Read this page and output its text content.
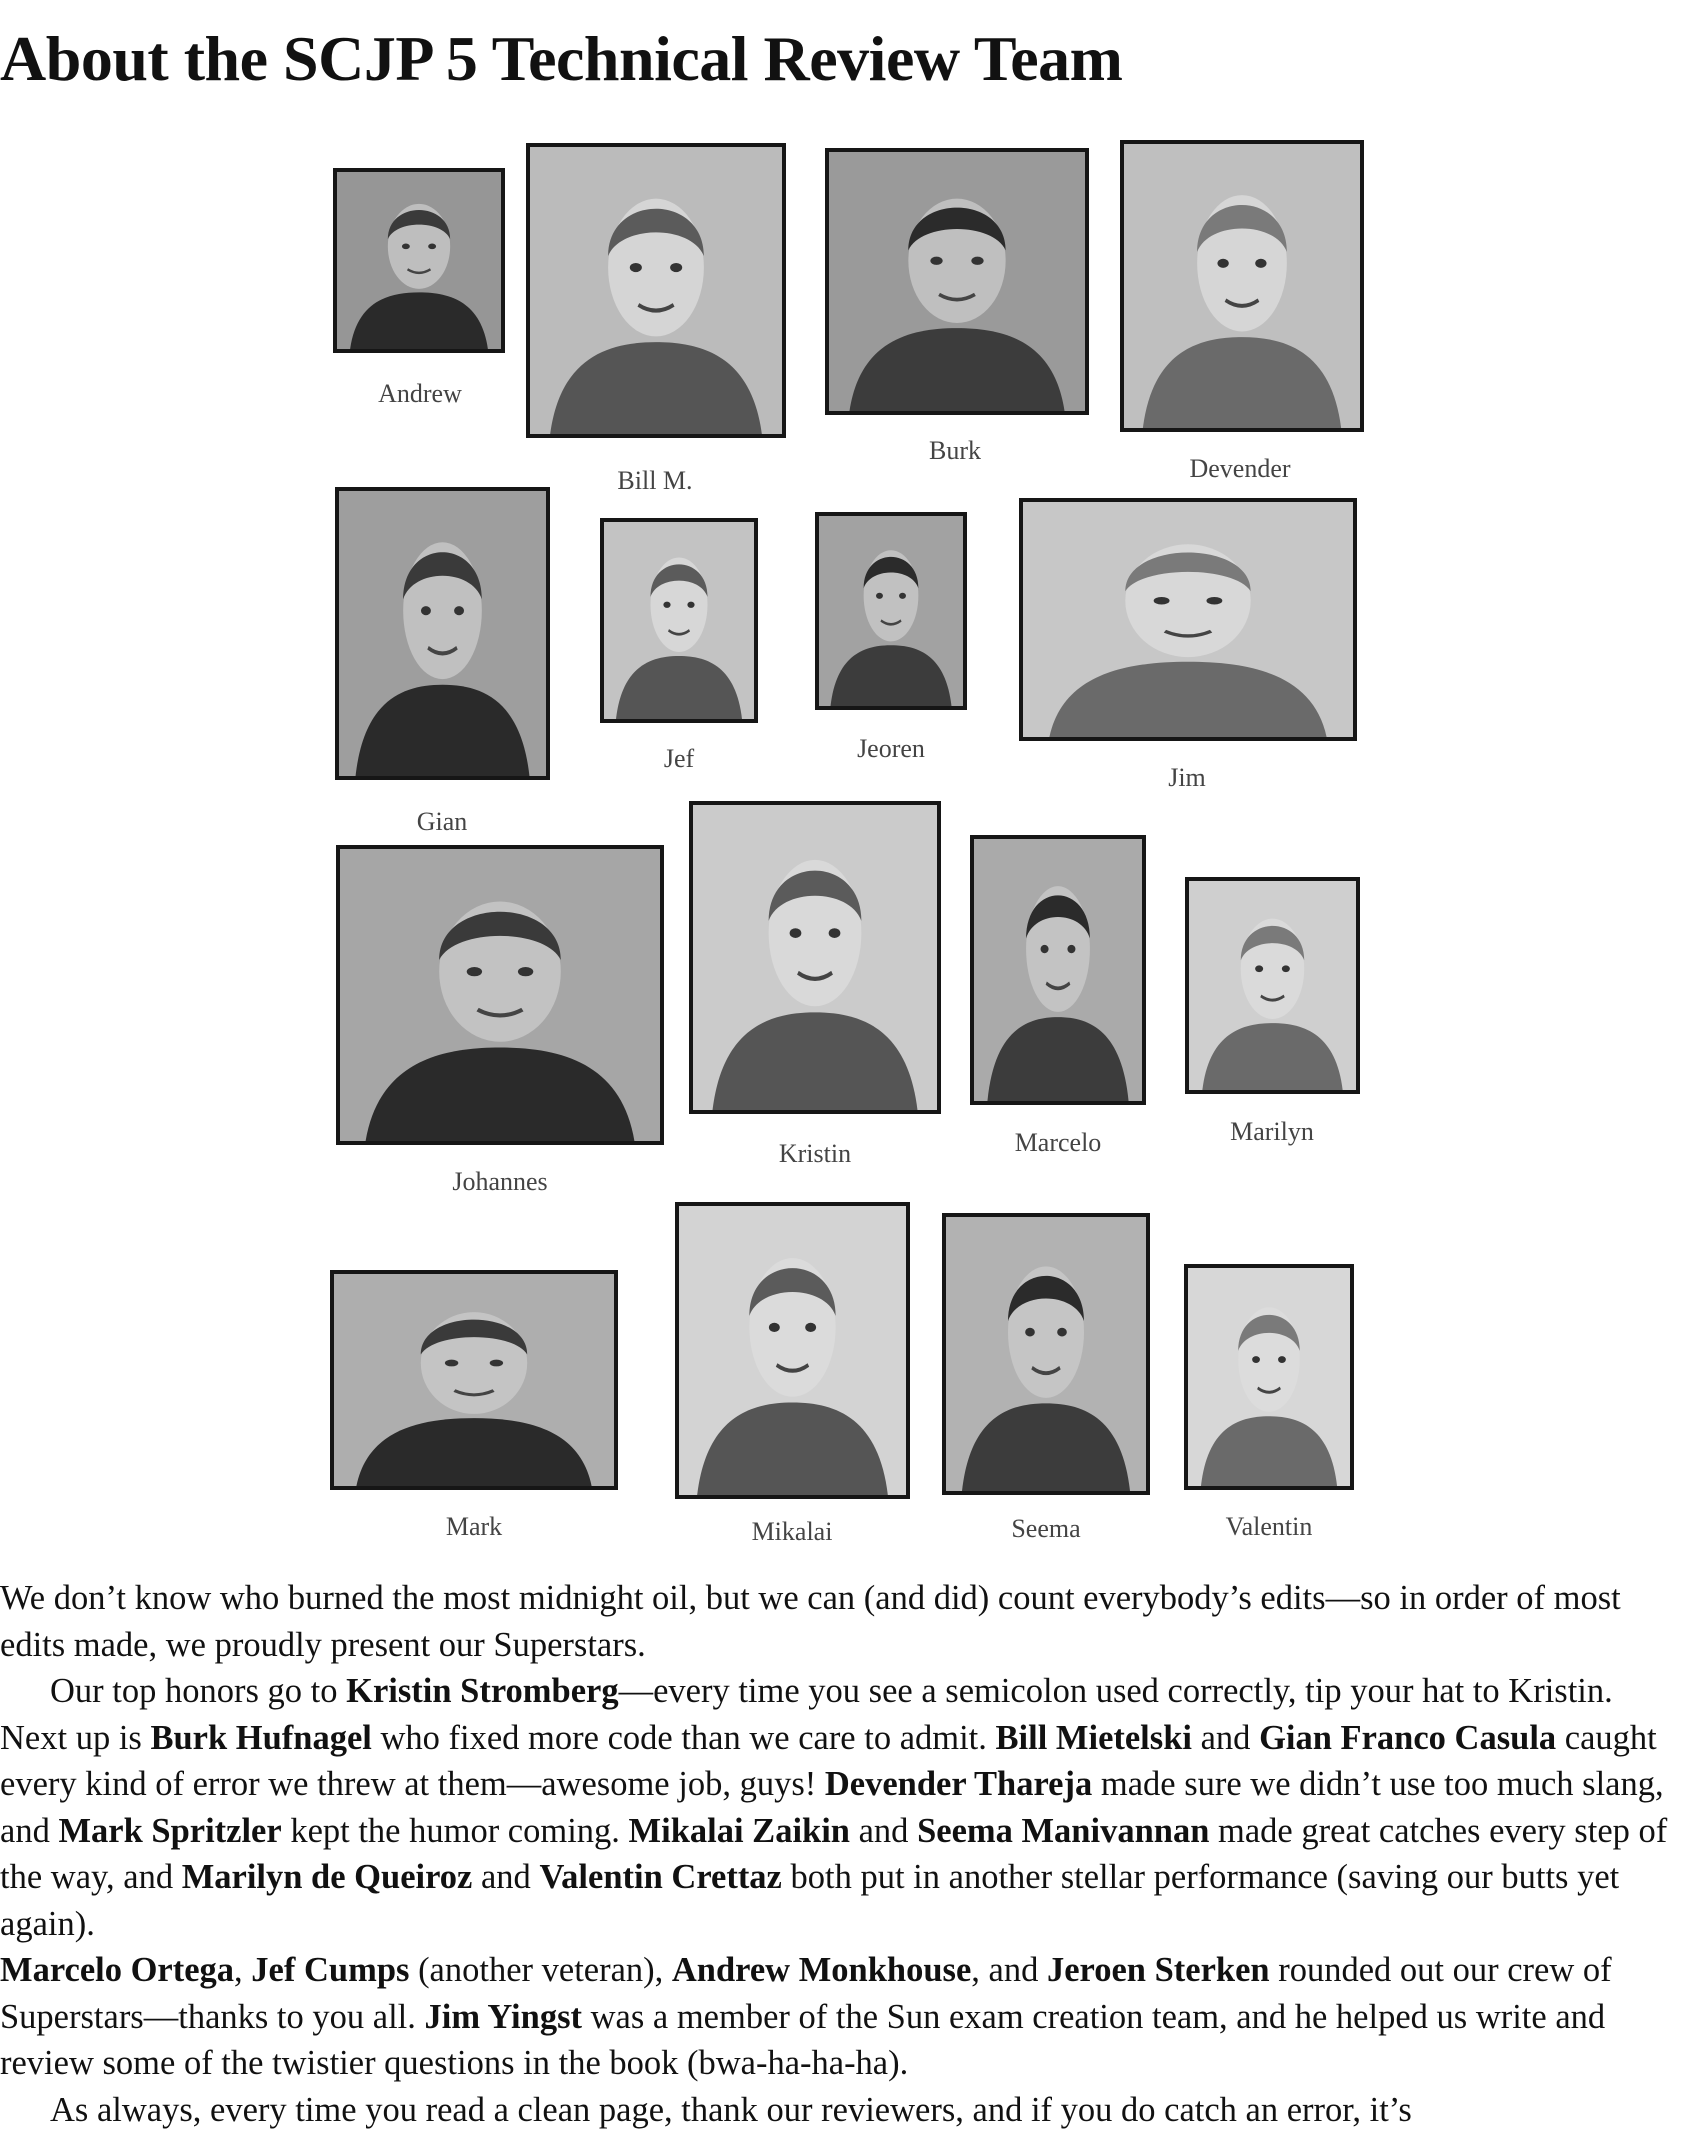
About the SCJP 5 Technical Review Team
Andrew
Bill M.
Burk
Devender
Gian
Jef	Jeoren
Jim
Johannes
Kristin	Marcelo	Marilyn
Mark	Mikalai	Seema	Valentin

We don’t know who burned the most midnight oil, but we can (and did) count everybody’s edits—so in order of most edits made, we proudly present our Superstars.

Our top honors go to Kristin Stromberg—every time you see a semicolon used correctly, tip your hat to Kristin. Next up is Burk Hufnagel who fixed more code than we care to admit. Bill Mietelski and Gian Franco Casula caught every kind of error we threw at them—awesome job, guys! Devender Thareja made sure we didn’t use too much slang, and Mark Spritzler kept the humor coming. Mikalai Zaikin and Seema Manivannan made great catches every step of the way, and Marilyn de Queiroz and Valentin Crettaz both put in another stellar performance (saving our butts yet again).

Marcelo Ortega, Jef Cumps (another veteran), Andrew Monkhouse, and Jeroen Sterken rounded out our crew of Superstars—thanks to you all. Jim Yingst was a member of the Sun exam creation team, and he helped us write and review some of the twistier questions in the book (bwa-ha-ha-ha).

As always, every time you read a clean page, thank our reviewers, and if you do catch an error, it’s
